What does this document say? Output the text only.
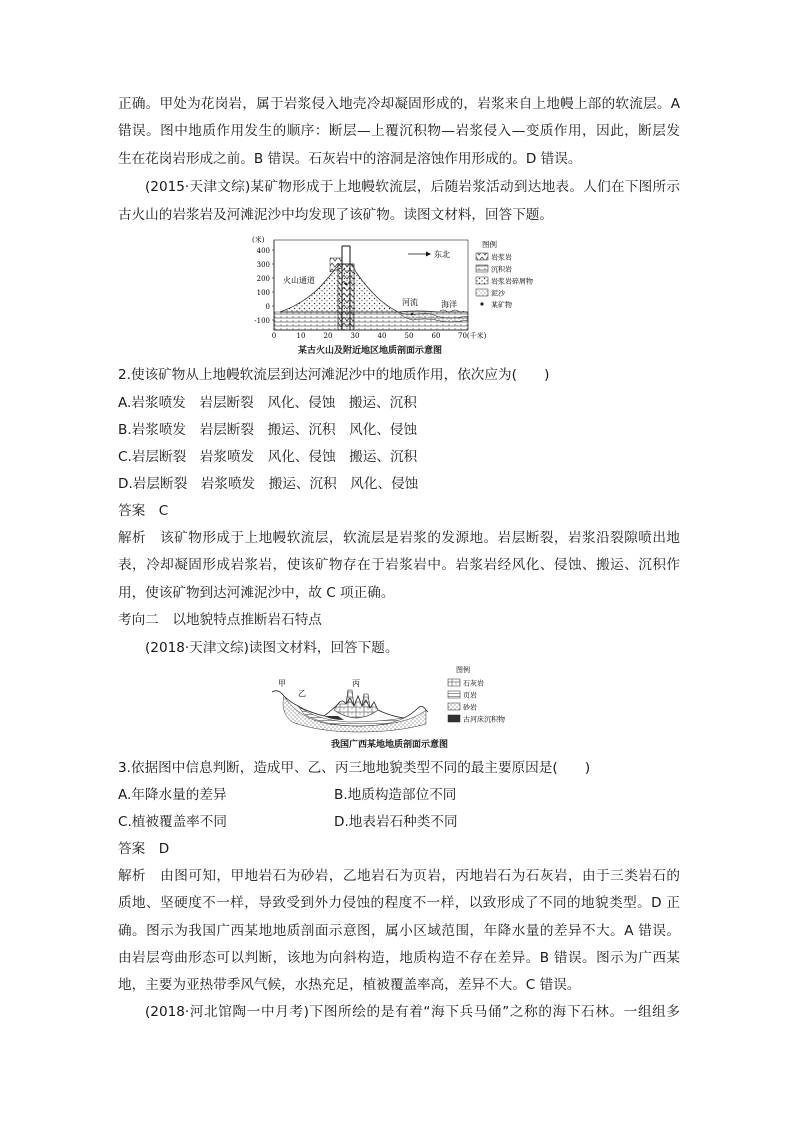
正确。甲处为花岗岩，属于岩浆侵入地壳冷却凝固形成的，岩浆来自上地幔上部的软流层。A
错误。图中地质作用发生的顺序：断层—上覆沉积物—岩浆侵入—变质作用，因此，断层发
生在花岗岩形成之前。B 错误。石灰岩中的溶洞是溶蚀作用形成的。D 错误。
(2015·天津文综)某矿物形成于上地幔软流层，后随岩浆活动到达地表。人们在下图所示
古火山的岩浆岩及河滩泥沙中均发现了该矿物。读图文材料，回答下题。
(米)
400
300
200
100
0
-100
0	10	20	30	40	50	60	70(千米)
火山通道
河流	海洋
东北
图例
岩浆岩
沉积岩
岩浆岩碎屑物
泥沙
某矿物
某古火山及附近地区地质剖面示意图
2.使该矿物从上地幔软流层到达河滩泥沙中的地质作用，依次应为(　　)
A.岩浆喷发　岩层断裂　风化、侵蚀　搬运、沉积
B.岩浆喷发　岩层断裂　搬运、沉积　风化、侵蚀
C.岩层断裂　岩浆喷发　风化、侵蚀　搬运、沉积
D.岩层断裂　岩浆喷发　搬运、沉积　风化、侵蚀
答案　C
解析　该矿物形成于上地幔软流层，软流层是岩浆的发源地。岩层断裂，岩浆沿裂隙喷出地
表，冷却凝固形成岩浆岩，使该矿物存在于岩浆岩中。岩浆岩经风化、侵蚀、搬运、沉积作
用，使该矿物到达河滩泥沙中，故 C 项正确。
考向二　以地貌特点推断岩石特点
(2018·天津文综)读图文材料，回答下题。
甲
乙
丙
图例
石灰岩
页岩
砂岩
古河床沉积物
我国广西某地地质剖面示意图
3.依据图中信息判断，造成甲、乙、丙三地地貌类型不同的最主要原因是(　　)
A.年降水量的差异	B.地质构造部位不同
C.植被覆盖率不同	D.地表岩石种类不同
答案　D
解析　由图可知，甲地岩石为砂岩，乙地岩石为页岩，丙地岩石为石灰岩，由于三类岩石的
质地、坚硬度不一样，导致受到外力侵蚀的程度不一样，以致形成了不同的地貌类型。D 正
确。图示为我国广西某地地质剖面示意图，属小区域范围，年降水量的差异不大。A 错误。
由岩层弯曲形态可以判断，该地为向斜构造，地质构造不存在差异。B 错误。图示为广西某
地，主要为亚热带季风气候，水热充足，植被覆盖率高，差异不大。C 错误。
(2018·河北馆陶一中月考)下图所绘的是有着“海下兵马俑”之称的海下石林。一组组多
